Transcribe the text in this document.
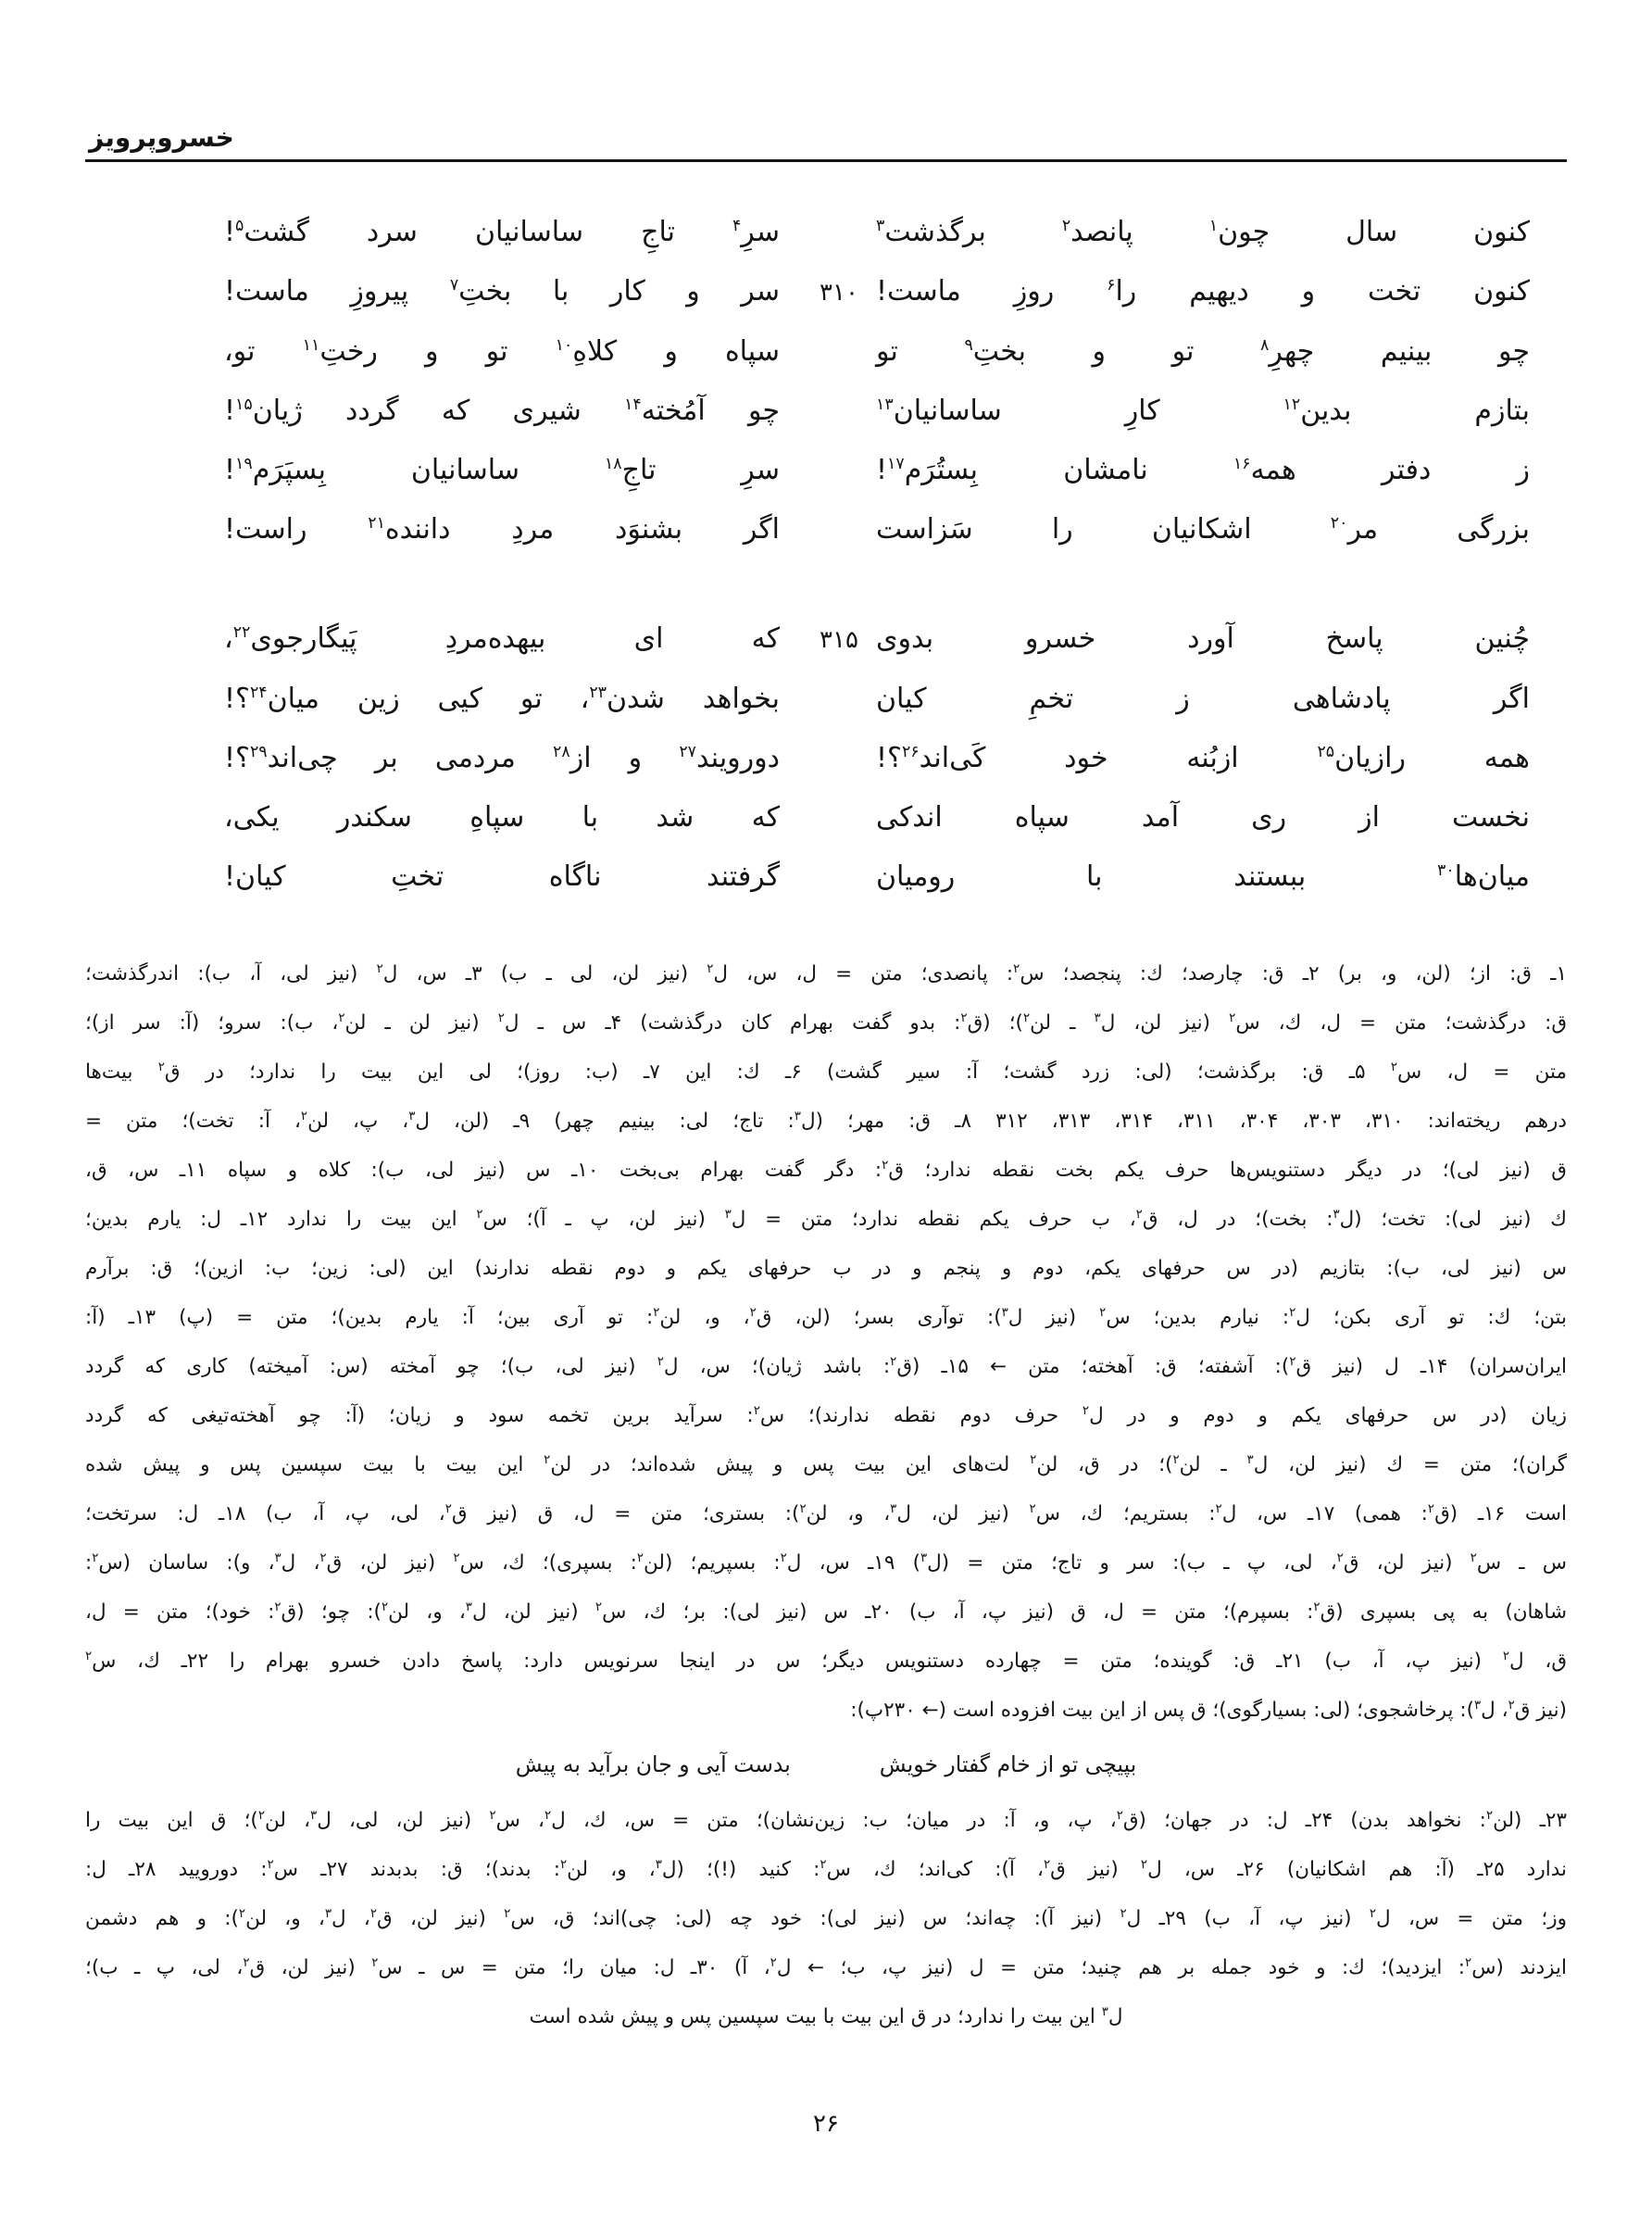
خسروپرویز
كنون سال چون$^۱$ پانصد$^۲$ برگذشت$^۳$
سرِ$^۴$ تاجِ ساسانيان سرد گشت$^۵$!
كنون تخت و ديهيم را$^۶$ روزِ ماست!
۳۱۰
سر و كار با بختِ$^۷$ پيروزِ ماست!
چو بينيم چهرِ$^۸$ تو و بختِ$^۹$ تو
سپاه و كلاهِ$^{۱۰}$ تو و رختِ$^{۱۱}$ تو،
بتازم بدين$^{۱۲}$ كارِ ساسانيان$^{۱۳}$
چو آمُخته$^{۱۴}$ شيرى كه گردد ژيان$^{۱۵}$!
ز دفتر همه$^{۱۶}$ نامشان بِستُرَم$^{۱۷}$!
سرِ تاجِ$^{۱۸}$ ساسانيان بِسپَرَم$^{۱۹}$!
بزرگى مر$^{۲۰}$ اشكانيان را سَزاست
اگر بشنوَد مردِ داننده$^{۲۱}$ راست!
چُنين پاسخ آورد خسرو بدوى
۳۱۵
كه اى بيهده‌مردِ پَيگارجوى$^{۲۲}$،
اگر پادشاهى ز تخمِ كيان
بخواهد شدن$^{۲۳}$، تو كيى زين ميان$^{۲۴}$؟!
همه رازيان$^{۲۵}$ ازبُنه خود كَى‌اند$^{۲۶}$؟!
دورويند$^{۲۷}$ و از$^{۲۸}$ مردمى بر چى‌اند$^{۲۹}$؟!
نخست از رى آمد سپاه اندكى
كه شد با سپاهِ سكندر يكى،
ميان‌ها$^{۳۰}$ ببستند با روميان
گرفتند ناگاه تختِ كيان!
۱ـ ق: از؛ (لن، و، بر) ۲ـ ق: چارصد؛ ك: پنجصد؛ س$^۲$: پانصدى؛ متن = ل، س، ل$^۲$ (نيز لن، لى ـ ب) ۳ـ س، ل$^۲$ (نيز لى، آ، ب): اندرگذشت؛
ق: درگذشت؛ متن = ل، ك، س$^۲$ (نيز لن، ل$^۳$ ـ لن$^۲$)؛ (ق$^۲$: بدو گفت بهرام كان درگذشت) ۴ـ س ـ ل$^۲$ (نيز لن ـ لن$^۲$، ب): سرو؛ (آ: سر از)؛
متن = ل، س$^۲$ ۵ـ ق: برگذشت؛ (لى: زرد گشت؛ آ: سير گشت) ۶ـ ك: اين ۷ـ (ب: روز)؛ لى اين بيت را ندارد؛ در ق$^۲$ بيت‌ها
درهم ريخته‌اند: ۳۱۰، ۳۰۳، ۳۰۴، ۳۱۱، ۳۱۴، ۳۱۳، ۳۱۲ ۸ـ ق: مهر؛ (ل$^۳$: تاج؛ لى: بينيم چهر) ۹ـ (لن، ل$^۳$، پ، لن$^۲$، آ: تخت)؛ متن =
ق (نيز لى)؛ در ديگر دستنويس‌ها حرف يكم بخت نقطه ندارد؛ ق$^۲$: دگر گفت بهرام بى‌بخت ۱۰ـ س (نيز لى، ب): كلاه و سپاه ۱۱ـ س، ق،
ك (نيز لى): تخت؛ (ل$^۳$: بخت)؛ در ل، ق$^۲$، ب حرف يكم نقطه ندارد؛ متن = ل$^۳$ (نيز لن، پ ـ آ)؛ س$^۲$ اين بيت را ندارد ۱۲ـ ل: يارم بدين؛
س (نيز لى، ب): بتازيم (در س حرفهاى يكم، دوم و پنجم و در ب حرفهاى يكم و دوم نقطه ندارند) اين (لى: زين؛ ب: ازين)؛ ق: برآرم
بتن؛ ك: تو آرى بكن؛ ل$^۲$: نيارم بدين؛ س$^۲$ (نيز ل$^۳$): توآرى بسر؛ (لن، ق$^۲$، و، لن$^۲$: تو آرى بين؛ آ: يارم بدين)؛ متن = (پ) ۱۳ـ (آ:
ايران‌سران) ۱۴ـ ل (نيز ق$^۲$): آشفته؛ ق: آهخته؛ متن ← ۱۵ـ (ق$^۲$: باشد ژيان)؛ س، ل$^۲$ (نيز لى، ب)؛ چو آمخته (س: آميخته) كارى كه گردد
زيان (در س حرفهاى يكم و دوم و در ل$^۲$ حرف دوم نقطه ندارند)؛ س$^۲$: سرآيد برين تخمه سود و زيان؛ (آ: چو آهخته‌تيغى كه گردد
گران)؛ متن = ك (نيز لن، ل$^۳$ ـ لن$^۲$)؛ در ق، لن$^۲$ لت‌هاى اين بيت پس و پيش شده‌اند؛ در لن$^۲$ اين بيت با بيت سپسين پس و پيش شده
است ۱۶ـ (ق$^۲$: همى) ۱۷ـ س، ل$^۲$: بستريم؛ ك، س$^۲$ (نيز لن، ل$^۳$، و، لن$^۲$): بسترى؛ متن = ل، ق (نيز ق$^۲$، لى، پ، آ، ب) ۱۸ـ ل: سرتخت؛
س ـ س$^۲$ (نيز لن، ق$^۲$، لى، پ ـ ب): سر و تاج؛ متن = (ل$^۳$) ۱۹ـ س، ل$^۲$: بسپريم؛ (لن$^۲$: بسپرى)؛ ك، س$^۲$ (نيز لن، ق$^۲$، ل$^۳$، و): ساسان (س$^۲$:
شاهان) به پى بسپرى (ق$^۲$: بسپرم)؛ متن = ل، ق (نيز پ، آ، ب) ۲۰ـ س (نيز لى): بر؛ ك، س$^۲$ (نيز لن، ل$^۳$، و، لن$^۲$): چو؛ (ق$^۲$: خود)؛ متن = ل،
ق، ل$^۲$ (نيز پ، آ، ب) ۲۱ـ ق: گوينده؛ متن = چهارده دستنويس ديگر؛ س در اينجا سرنويس دارد: پاسخ دادن خسرو بهرام را ۲۲ـ ك، س$^۲$
(نيز ق$^۲$، ل$^۳$): پرخاشجوى؛ (لى: بسيارگوى)؛ ق پس از اين بيت افزوده است (← ۲۳۰پ):
بپيچى تو از خام گفتار خويش
بدست آيى و جان برآيد به پيش
۲۳ـ (لن$^۲$: نخواهد بدن) ۲۴ـ ل: در جهان؛ (ق$^۲$، پ، و، آ: در ميان؛ ب: زين‌نشان)؛ متن = س، ك، ل$^۲$، س$^۲$ (نيز لن، لى، ل$^۳$، لن$^۲$)؛ ق اين بيت را
ندارد ۲۵ـ (آ: هم اشكانيان) ۲۶ـ س، ل$^۲$ (نيز ق$^۲$، آ): كى‌اند؛ ك، س$^۲$: كنيد (!)؛ (ل$^۳$، و، لن$^۲$: بدند)؛ ق: بدبدند ۲۷ـ س$^۲$: دوروييد ۲۸ـ ل:
وز؛ متن = س، ل$^۲$ (نيز پ، آ، ب) ۲۹ـ ل$^۲$ (نيز آ): چه‌اند؛ س (نيز لى): خود چه (لى: چى)اند؛ ق، س$^۲$ (نيز لن، ق$^۲$، ل$^۳$، و، لن$^۲$): و هم دشمن
ايزدند (س$^۲$: ايزديد)؛ ك: و خود جمله بر هم چنيد؛ متن = ل (نيز پ، ب؛ ← ل$^۲$، آ) ۳۰ـ ل: ميان را؛ متن = س ـ س$^۲$ (نيز لن، ق$^۲$، لى، پ ـ ب)؛
ل$^۳$ اين بيت را ندارد؛ در ق اين بيت با بيت سپسين پس و پيش شده است
۲۶
